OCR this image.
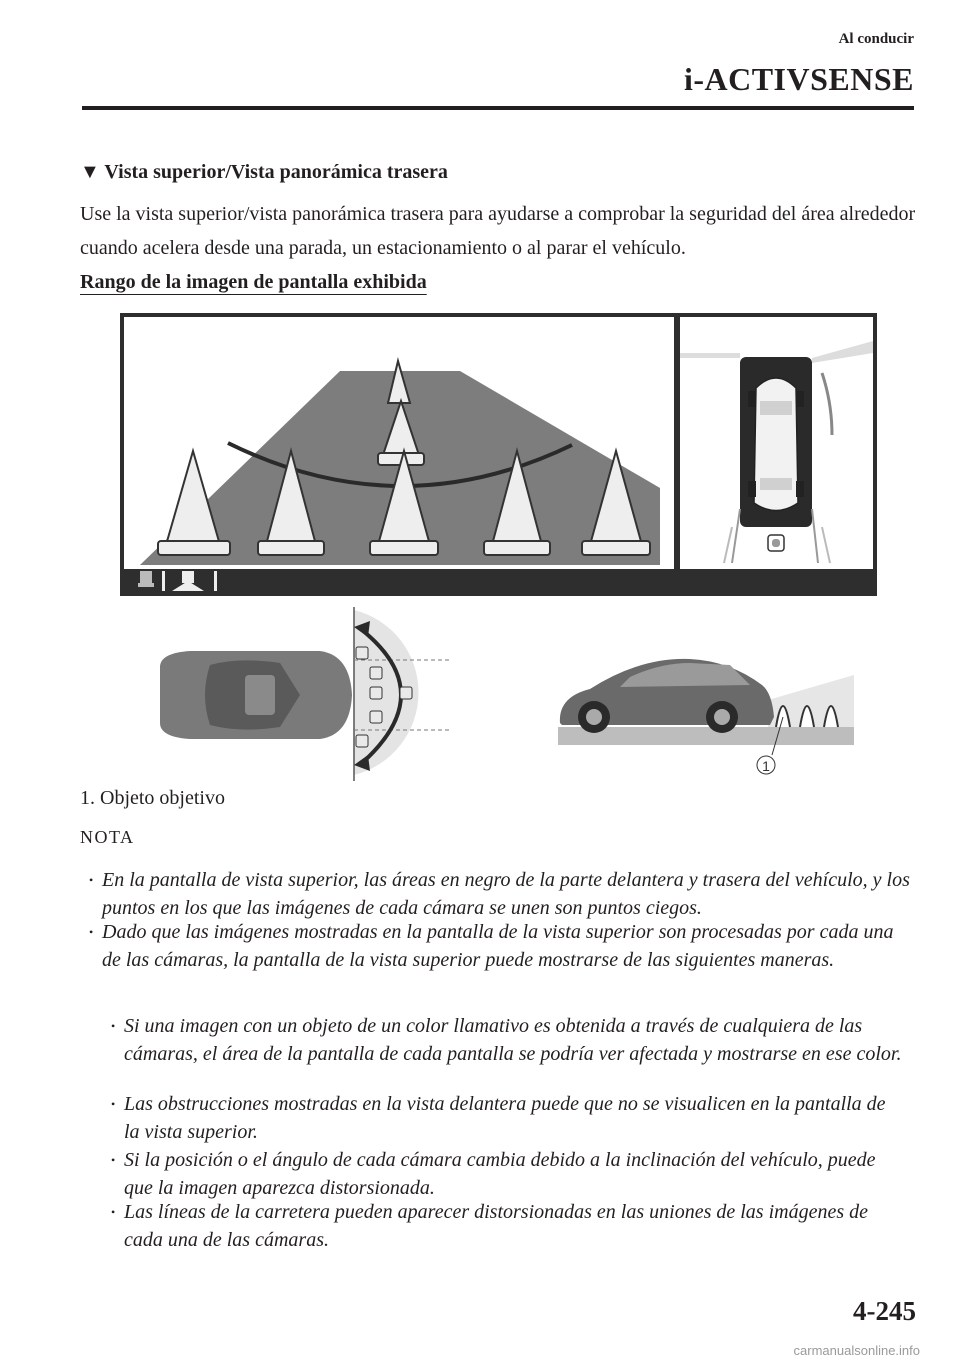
Al conducir
i-ACTIVSENSE
▼ Vista superior/Vista panorámica trasera
Use la vista superior/vista panorámica trasera para ayudarse a comprobar la seguridad del área alrededor cuando acelera desde una parada, un estacionamiento o al parar el vehículo.
Rango de la imagen de pantalla exhibida
1
1. Objeto objetivo
NOTA
• En la pantalla de vista superior, las áreas en negro de la parte delantera y trasera del vehículo, y los puntos en los que las imágenes de cada cámara se unen son puntos ciegos.
• Dado que las imágenes mostradas en la pantalla de la vista superior son procesadas por cada una de las cámaras, la pantalla de la vista superior puede mostrarse de las siguientes maneras.
• Si una imagen con un objeto de un color llamativo es obtenida a través de cualquiera de las cámaras, el área de la pantalla de cada pantalla se podría ver afectada y mostrarse en ese color.
• Las obstrucciones mostradas en la vista delantera puede que no se visualicen en la pantalla de la vista superior.
• Si la posición o el ángulo de cada cámara cambia debido a la inclinación del vehículo, puede que la imagen aparezca distorsionada.
• Las líneas de la carretera pueden aparecer distorsionadas en las uniones de las imágenes de cada una de las cámaras.
4-245
carmanualsonline.info
